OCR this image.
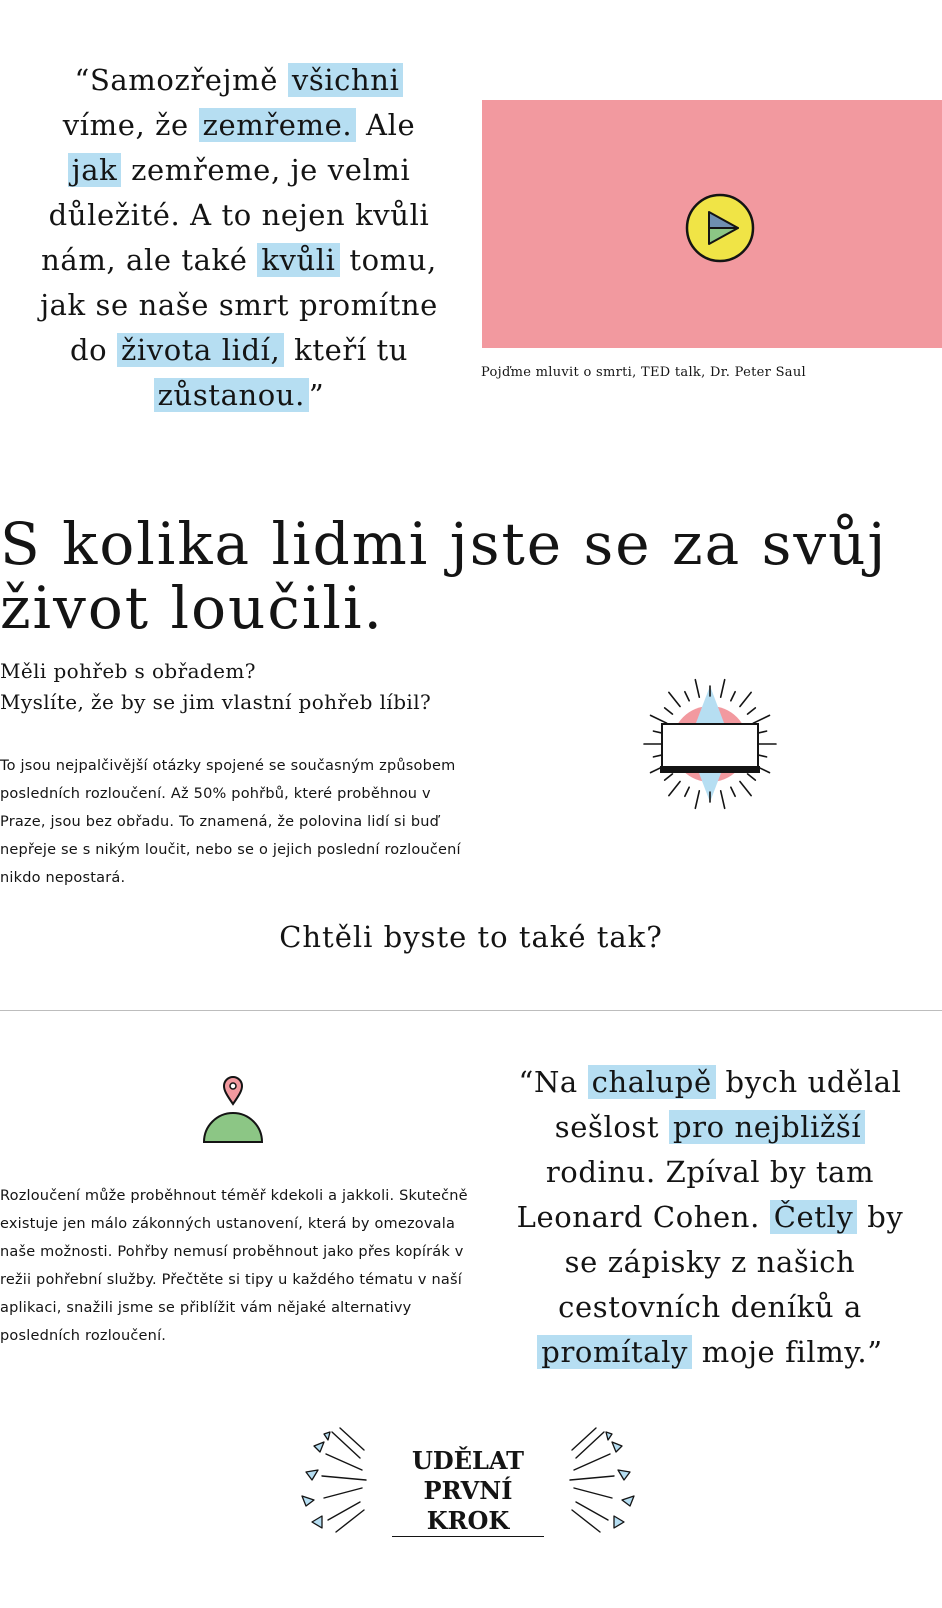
“Samozřejmě všichni víme, že zemřeme. Ale jak zemřeme, je velmi důležité. A to nejen kvůli nám, ale také kvůli tomu, jak se naše smrt promítne do života lidí, kteří tu zůstanou. ”
Pojďme mluvit o smrti, TED talk, Dr. Peter Saul
S kolika lidmi jste se za svůj život loučili.
Měli pohřeb s obřadem?
Myslíte, že by se jim vlastní pohřeb líbil?
To jsou nejpalčivější otázky spojené se současným způsobem posledních rozloučení. Až 50% pohřbů, které proběhnou v Praze, jsou bez obřadu. To znamená, že polovina lidí si buď nepřeje se s nikým loučit, nebo se o jejich poslední rozloučení nikdo nepostará.
Chtěli byste to také tak?
Rozloučení může proběhnout téměř kdekoli a jakkoli. Skutečně existuje jen málo zákonných ustanovení, která by omezovala naše možnosti. Pohřby nemusí proběhnout jako přes kopírák v režii pohřební služby. Přečtěte si tipy u každého tématu v naší aplikaci, snažili jsme se přiblížit vám nějaké alternativy posledních rozloučení.
“Na chalupě bych udělal sešlost pro nejbližší rodinu. Zpíval by tam Leonard Cohen. Četly by se zápisky z našich cestovních deníků a promítaly moje filmy.”
UDĚLAT PRVNÍ KROK
